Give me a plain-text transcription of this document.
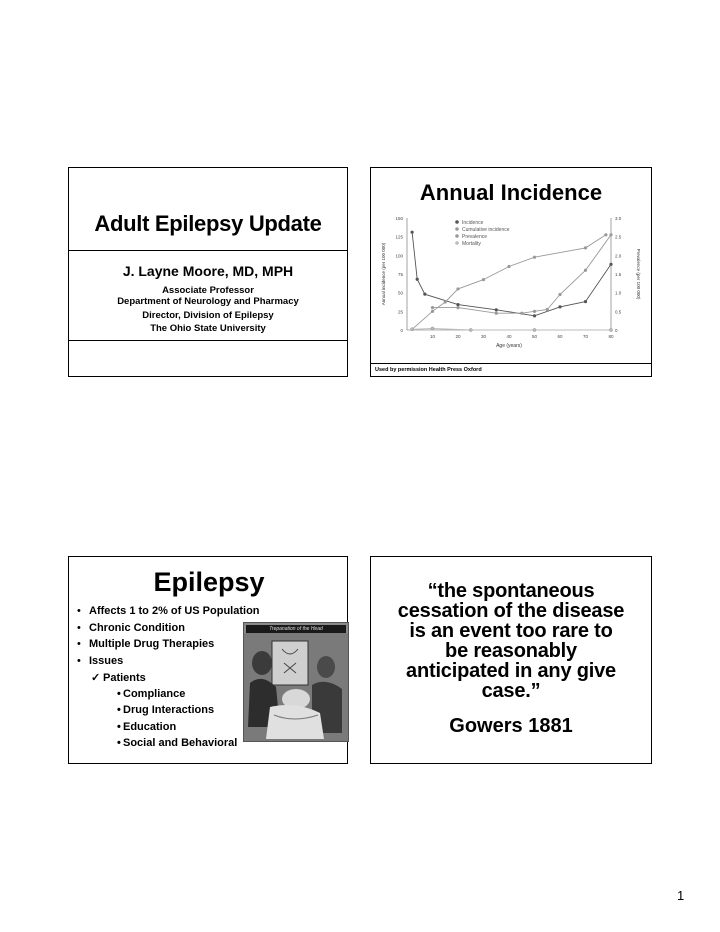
Adult Epilepsy Update
J. Layne Moore, MD, MPH
Associate Professor
Department of Neurology and Pharmacy
Director, Division of Epilepsy
The Ohio State University
Annual Incidence
0
25
50
75
100
125
150
0
0.5
1.0
1.5
2.0
2.5
3.0
10	20	30	40	50	60	70	80
Age (years)
Annual incidence (per 100 000)	Prevalence (per 100 000)
Incidence
Cumulative incidence
Prevalence
Mortality
Used by permission Health Press Oxford
Epilepsy
• Affects 1 to 2% of US Population
• Chronic Condition
• Multiple Drug Therapies
• Issues
✓ Patients
• Compliance
• Drug Interactions
• Education
• Social and Behavioral
Trepanation of the Head
“the spontaneous
cessation of the disease
is an event too rare to
be reasonably
anticipated in any give
case.”
Gowers 1881
1
